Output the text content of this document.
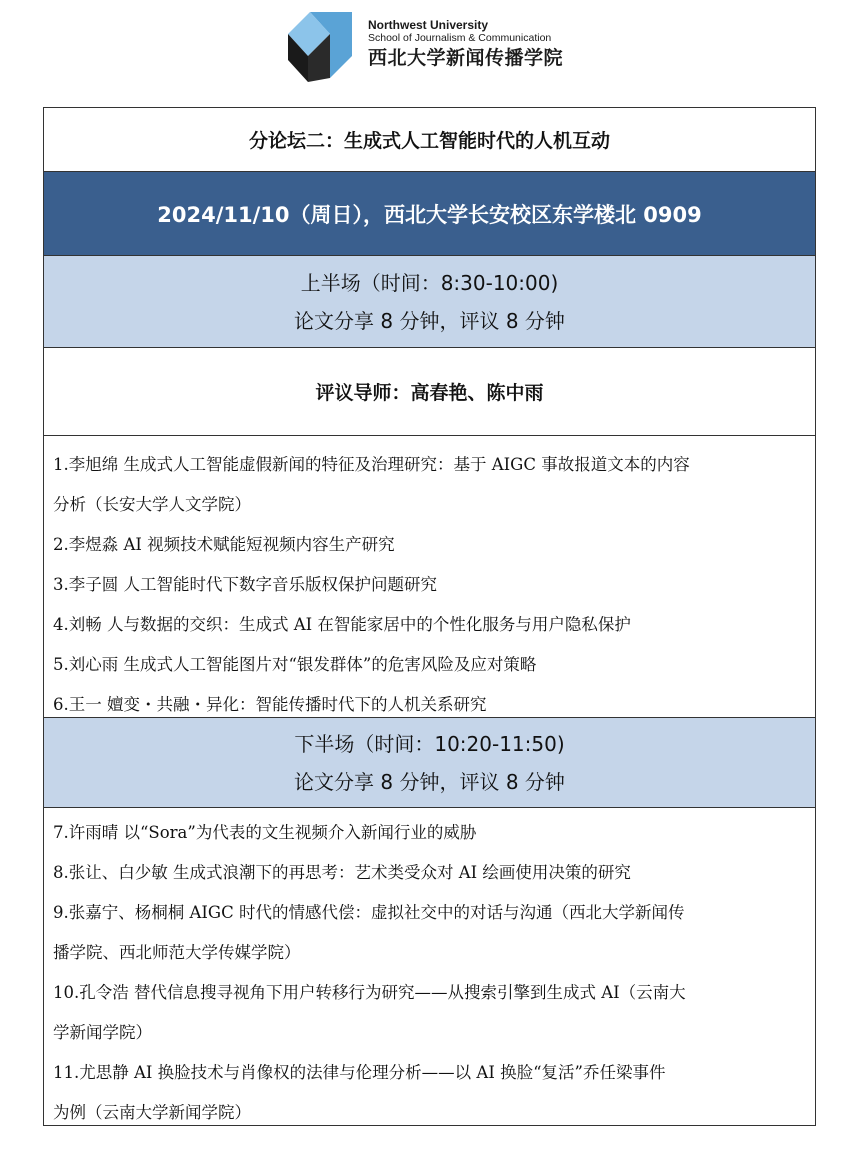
Northwest University
School of Journalism & Communication
西北大学新闻传播学院
分论坛二：生成式人工智能时代的人机互动
2024/11/10（周日），西北大学长安校区东学楼北 0909
上半场（时间：8:30-10:00)
论文分享 8 分钟，评议 8 分钟
评议导师：高春艳、陈中雨
1.李旭绵 生成式人工智能虚假新闻的特征及治理研究：基于 AIGC 事故报道文本的内容
分析（长安大学人文学院）
2.李煜淼 AI 视频技术赋能短视频内容生产研究
3.李子圆 人工智能时代下数字音乐版权保护问题研究
4.刘畅 人与数据的交织：生成式 AI 在智能家居中的个性化服务与用户隐私保护
5.刘心雨 生成式人工智能图片对“银发群体”的危害风险及应对策略
6.王一 嬗变・共融・异化：智能传播时代下的人机关系研究
下半场（时间：10:20-11:50)
论文分享 8 分钟，评议 8 分钟
7.许雨晴 以“Sora”为代表的文生视频介入新闻行业的威胁
8.张让、白少敏 生成式浪潮下的再思考：艺术类受众对 AI 绘画使用决策的研究
9.张嘉宁、杨桐桐 AIGC 时代的情感代偿：虚拟社交中的对话与沟通（西北大学新闻传
播学院、西北师范大学传媒学院）
10.孔令浩 替代信息搜寻视角下用户转移行为研究——从搜索引擎到生成式 AI（云南大
学新闻学院）
11.尤思静 AI 换脸技术与肖像权的法律与伦理分析——以 AI 换脸“复活”乔任梁事件
为例（云南大学新闻学院）
